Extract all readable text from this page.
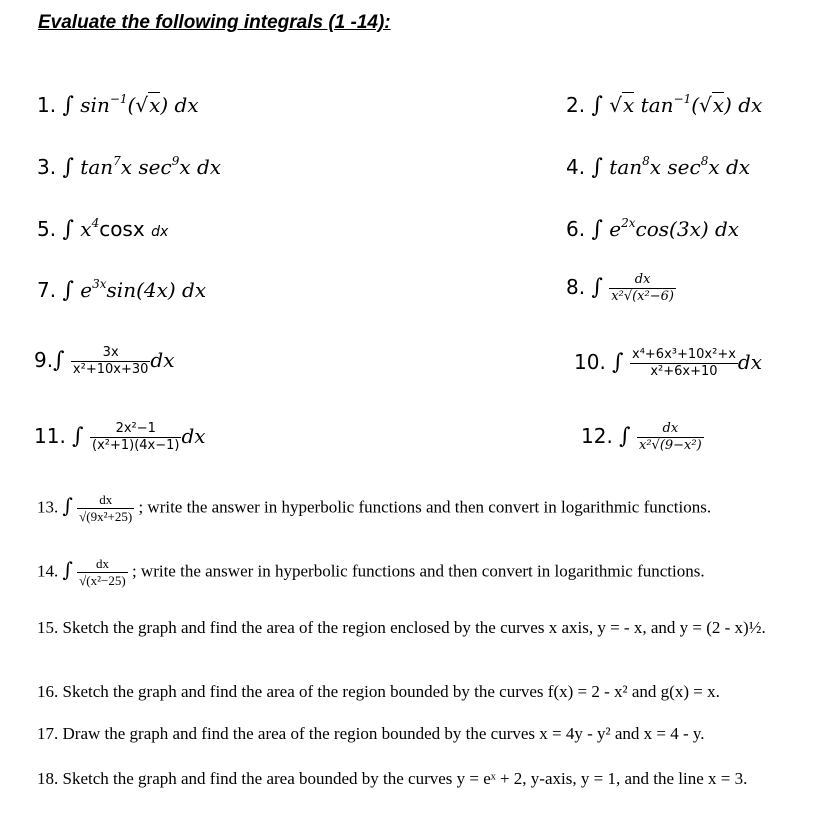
Evaluate the following integrals (1 -14):
1. ∫ $\sin^{-1}(√x)$ dx	2. ∫ √x $\tan^{-1}(√x)$ dx
3. ∫ $\tan^7x$ $\sec^9x$ dx	4. ∫ $\tan^8x$ $\sec^8x$ dx
5. ∫ $x^4\cos x$ dx	6. ∫ $e^{2x}\cos(3x)$ dx
7. ∫ $e^{3x}\sin(4x)$ dx	8. ∫ $\frac{dx}{\text{x²√(x²−6)}}$
$9.\int \frac{3x}{\text{x²+10x+30}}$ dx	10. ∫ $\frac{\text{x⁴+6x³+10x²+x}}{\text{x²+6x+10}}$ dx
11. ∫ $\frac{\text{2x²−1}}{\text{(x²+1)(4x−1)}}$ dx	12. ∫ $\frac{dx}{\text{x²√(9−x²)}}$
13. ∫ $\frac{dx}{\text{√(9x²+25)}}$ ; write the answer in hyperbolic functions and then convert in logarithmic functions.
14. ∫ $\frac{dx}{\text{√(x²−25)}}$ ; write the answer in hyperbolic functions and then convert in logarithmic functions.
15. Sketch the graph and find the area of the region enclosed by the curves x axis, y = - x, and y = (2 - x)½.
16. Sketch the graph and find the area of the region bounded by the curves f(x) = 2 - x² and g(x) = x.
17. Draw the graph and find the area of the region bounded by the curves x = 4y - y² and x = 4 - y.
18. Sketch the graph and find the area bounded by the curves y = eˣ + 2, y-axis, y = 1, and the line x = 3.
